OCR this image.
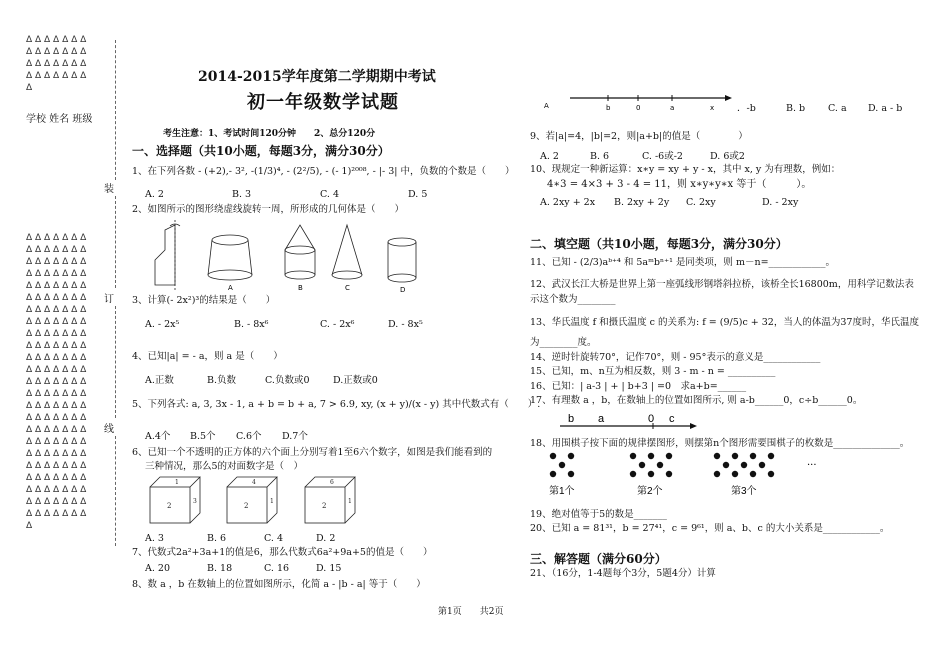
Δ Δ Δ Δ Δ Δ Δ
Δ Δ Δ Δ Δ Δ Δ
Δ Δ Δ Δ Δ Δ Δ
Δ Δ Δ Δ Δ Δ Δ
Δ
学校 姓名 班级
Δ Δ Δ Δ Δ Δ Δ
Δ Δ Δ Δ Δ Δ Δ
Δ Δ Δ Δ Δ Δ Δ
Δ Δ Δ Δ Δ Δ Δ
Δ Δ Δ Δ Δ Δ Δ
Δ Δ Δ Δ Δ Δ Δ
Δ Δ Δ Δ Δ Δ Δ
Δ Δ Δ Δ Δ Δ Δ
Δ Δ Δ Δ Δ Δ Δ
Δ Δ Δ Δ Δ Δ Δ
Δ Δ Δ Δ Δ Δ Δ
Δ Δ Δ Δ Δ Δ Δ
Δ Δ Δ Δ Δ Δ Δ
Δ Δ Δ Δ Δ Δ Δ
Δ Δ Δ Δ Δ Δ Δ
Δ Δ Δ Δ Δ Δ Δ
Δ Δ Δ Δ Δ Δ Δ
Δ Δ Δ Δ Δ Δ Δ
Δ Δ Δ Δ Δ Δ Δ
Δ Δ Δ Δ Δ Δ Δ
Δ Δ Δ Δ Δ Δ Δ
Δ Δ Δ Δ Δ Δ Δ
Δ Δ Δ Δ Δ Δ Δ
Δ Δ Δ Δ Δ Δ Δ
Δ
装
订
线
2014-2015学年度第二学期期中考试
初一年级数学试题
考生注意：1、考试时间120分钟　　2、总分120分
一、选择题（共10小题，每题3分，满分30分）
1、在下列各数 - (+2),- 3², -(1/3)⁴, - (2²/5), - (- 1)²⁰⁰⁸, - |- 3| 中，负数的个数是（　　）
A. 2	B. 3	C. 4	D. 5
2、如图所示的图形绕虚线旋转一周，所形成的几何体是（　　）
A	B	C	D
3、计算(- 2x²)³的结果是（　　）
A. - 2x⁵	B. - 8x⁶	C. - 2x⁶	D. - 8x⁵
4、已知|a| = - a，则 a 是（　　）
A.正数	B.负数	C.负数或0 D.正数或0
5、下列各式: a, 3, 3x - 1, a + b = b + a, 7 > 6.9, xy, (x + y)/(x - y) 其中代数式有（　　）.
A.4个 B.5个 C.6个 D.7个
6、已知一个不透明的正方体的六个面上分别写着1至6六个数字，如图是我们能看到的
三种情况，那么5的对面数字是（　）
2
1
3
2
4
1
2
6
1
A. 3	B. 6	C. 4	D. 2
7、代数式2a²+3a+1的值是6，那么代数式6a²+9a+5的值是（　　）
A. 20	B. 18	C. 16	D. 15
8、数 a ，b 在数轴上的位置如图所示，化简 a - |b - a| 等于（　　）
A	b	0	a	x ．-b	B. b C. a D. a - b
9、若|a|=4，|b|=2，则|a+b|的值是（　　　　）
A. 2	B. 6	C. -6或-2	D. 6或2
10、现规定一种新运算：x∗y = xy + y - x，其中 x, y 为有理数，例如：
4∗3 = 4×3 + 3 - 4 = 11，则 x∗y∗y∗x 等于（　　　）。
A. 2xy + 2x B. 2xy + 2y C. 2xy	D. - 2xy
二、填空题（共10小题，每题3分，满分30分）
11、已知 - (2/3)aᵇ⁺⁴ 和 5aᵐbⁿ⁺¹ 是同类项，则 m－n=____________。
12、武汉长江大桥是世界上第一座弧线形钢塔斜拉桥，该桥全长16800m，用科学记数法表
示这个数为________
13、华氏温度 f 和摄氏温度 c 的关系为: f = (9/5)c + 32，当人的体温为37度时，华氏温度
为________度。
14、逆时针旋转70°，记作70°，则 - 95°表示的意义是____________
15、已知，m、n互为相反数，则 3 - m - n = __________
16、已知：| a-3 | + | b+3 | =0　求a+b=______
17、有理数 a ，b，在数轴上的位置如图所示, 则 a-b______0，c÷b______0。
b a	0 c
18、用围棋子按下面的规律摆图形，则摆第n个图形需要围棋子的枚数是______________。
···
第1个	第2个	第3个
19、绝对值等于5的数是_______
20、已知 a = 81³¹，b = 27⁴¹，c = 9⁶¹，则 a、b、c 的大小关系是____________。
三、解答题（满分60分）
21、（16分，1-4题每个3分，5题4分）计算
第1页　　共2页
